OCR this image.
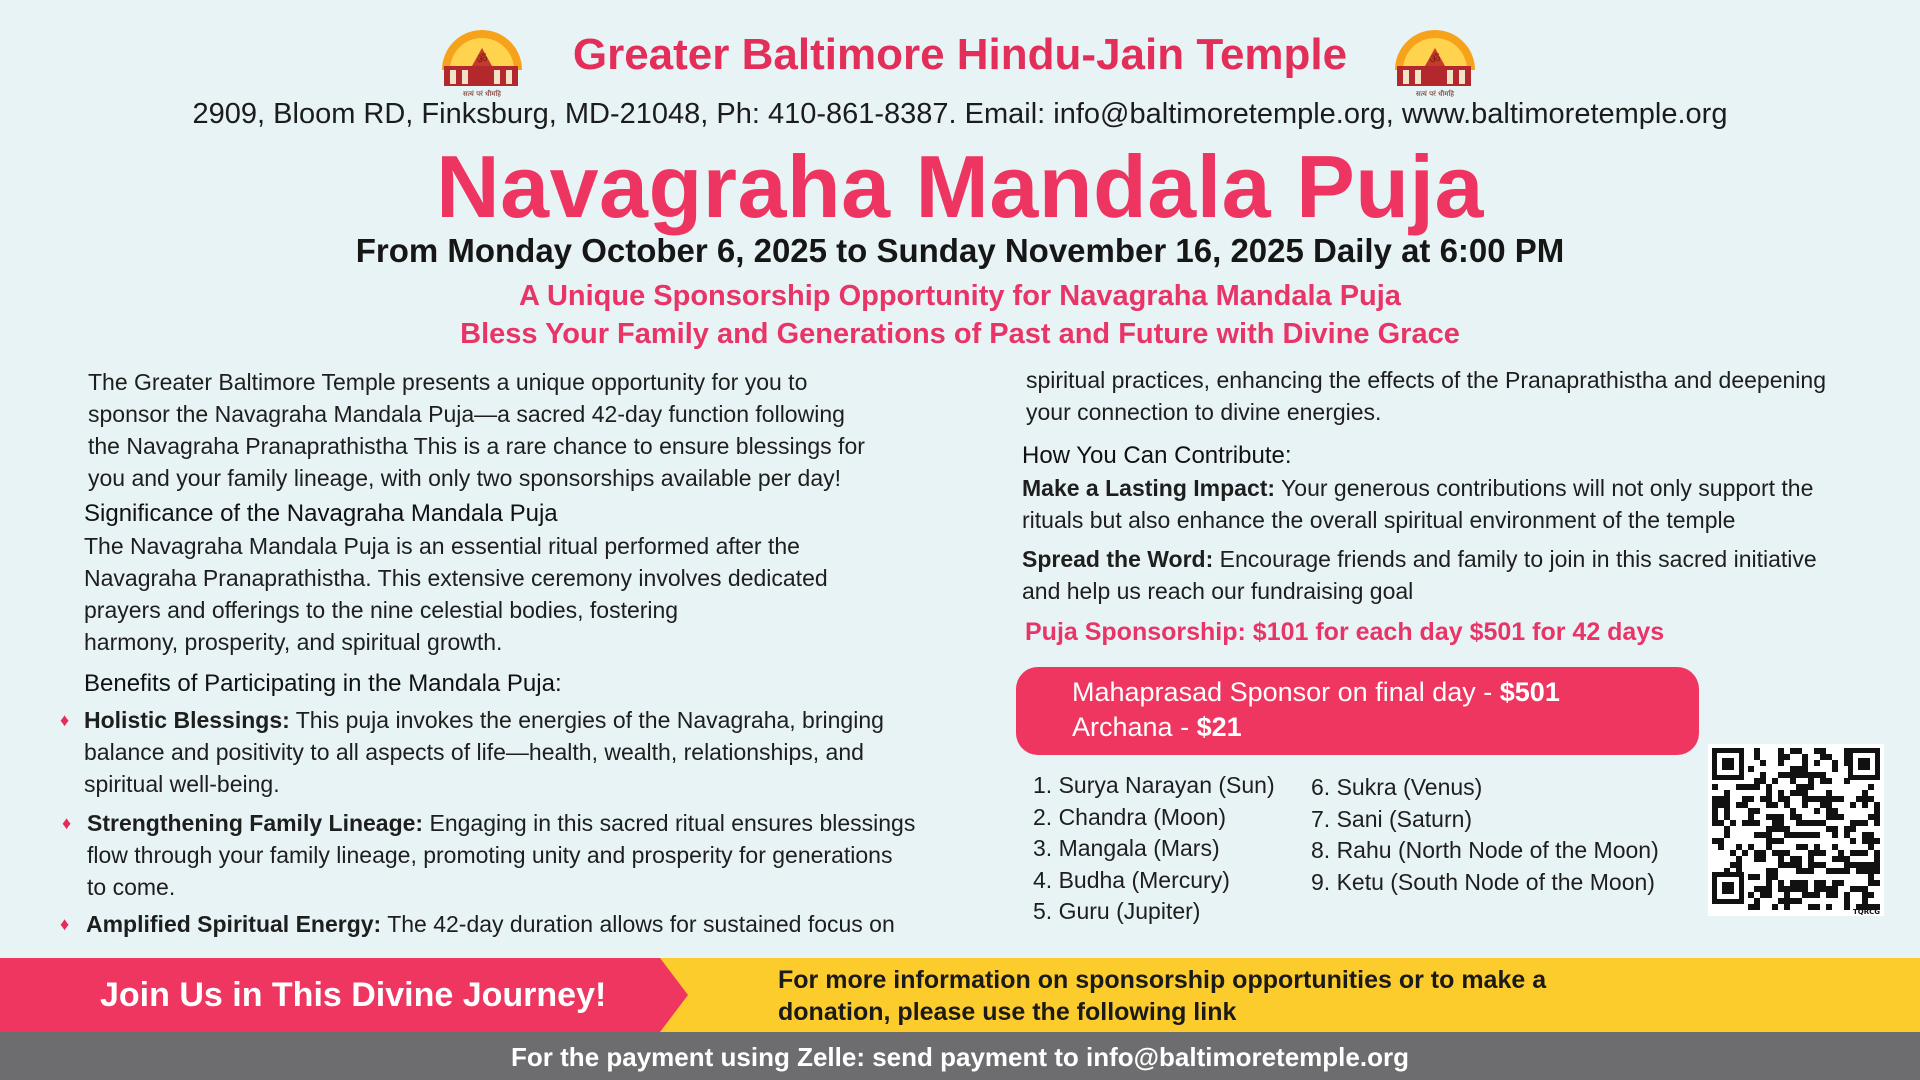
ॐ
सत्यं परं धीमहि
ॐ
सत्यं परं धीमहि
Greater Baltimore Hindu-Jain Temple
2909, Bloom RD, Finksburg, MD-21048, Ph: 410-861-8387. Email: info@baltimoretemple.org, www.baltimoretemple.org
Navagraha Mandala Puja
From Monday October 6, 2025 to Sunday November 16, 2025 Daily at 6:00 PM
A Unique Sponsorship Opportunity for Navagraha Mandala Puja
Bless Your Family and Generations of Past and Future with Divine Grace
The Greater Baltimore Temple presents a unique opportunity for you to
sponsor the Navagraha Mandala Puja—a sacred 42-day function following
the Navagraha Pranaprathistha This is a rare chance to ensure blessings for
you and your family lineage, with only two sponsorships available per day!
Significance of the Navagraha Mandala Puja
The Navagraha Mandala Puja is an essential ritual performed after the
Navagraha Pranaprathistha. This extensive ceremony involves dedicated
prayers and offerings to the nine celestial bodies, fostering
harmony, prosperity, and spiritual growth.
Benefits of Participating in the Mandala Puja:
♦ Holistic Blessings: This puja invokes the energies of the Navagraha, bringing
balance and positivity to all aspects of life—health, wealth, relationships, and
spiritual well-being.
♦ Strengthening Family Lineage: Engaging in this sacred ritual ensures blessings
flow through your family lineage, promoting unity and prosperity for generations
to come.
♦ Amplified Spiritual Energy: The 42-day duration allows for sustained focus on
spiritual practices, enhancing the effects of the Pranaprathistha and deepening
your connection to divine energies.
How You Can Contribute:
Make a Lasting Impact: Your generous contributions will not only support the
rituals but also enhance the overall spiritual environment of the temple
Spread the Word: Encourage friends and family to join in this sacred initiative
and help us reach our fundraising goal
Puja Sponsorship: $101 for each day $501 for 42 days
Mahaprasad Sponsor on final day - $501
Archana - $21
1. Surya Narayan (Sun)
2. Chandra (Moon)
3. Mangala (Mars)
4. Budha (Mercury)
5. Guru (Jupiter)
6. Sukra (Venus)
7. Sani (Saturn)
8. Rahu (North Node of the Moon)
9. Ketu (South Node of the Moon)
TQRCG
Join Us in This Divine Journey!	For more information on sponsorship opportunities or to make a
donation, please use the following link
For the payment using Zelle: send payment to info@baltimoretemple.org
